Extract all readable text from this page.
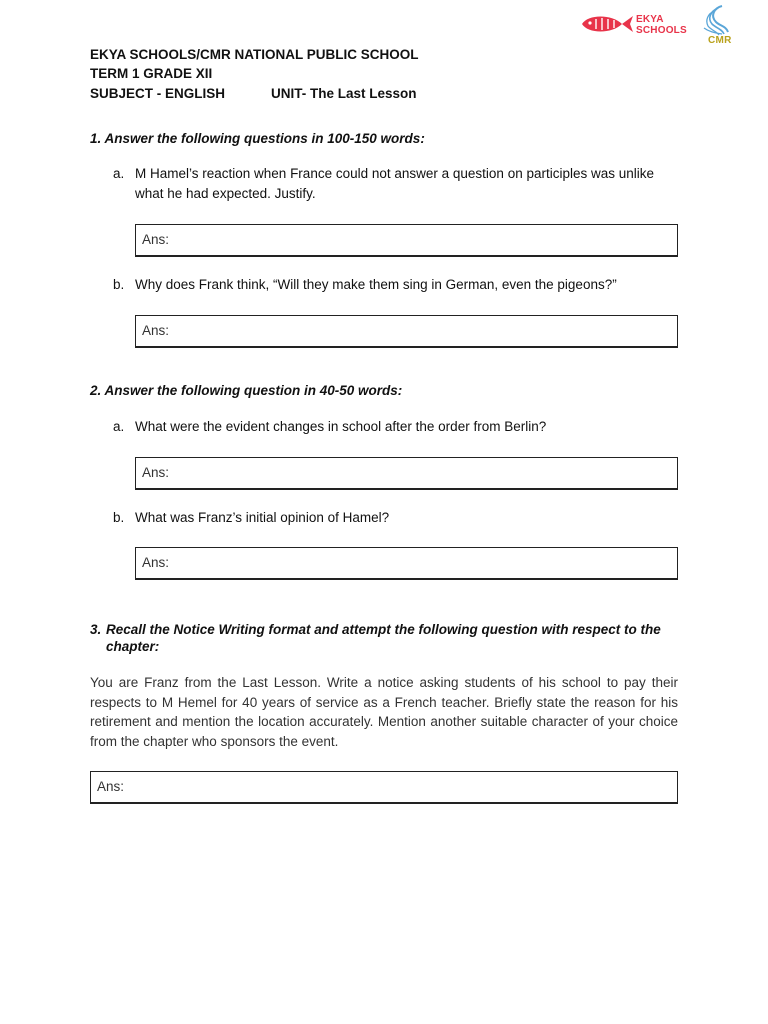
EKYA
SCHOOLS
CMR
EKYA SCHOOLS/CMR NATIONAL PUBLIC SCHOOL
TERM 1 GRADE XII
SUBJECT - ENGLISH	UNIT- The Last Lesson
1. Answer the following questions in 100-150 words:
a. M Hamel’s reaction when France could not answer a question on participles was unlike what he had expected. Justify.
Ans:
b. Why does Frank think, “Will they make them sing in German, even the pigeons?”
Ans:
2. Answer the following question in 40-50 words:
a. What were the evident changes in school after the order from Berlin?
Ans:
b. What was Franz’s initial opinion of Hamel?
Ans:
3. Recall the Notice Writing format and attempt the following question with respect to the chapter:
You are Franz from the Last Lesson. Write a notice asking students of his school to pay their respects to M Hemel for 40 years of service as a French teacher. Briefly state the reason for his retirement and mention the location accurately. Mention another suitable character of your choice from the chapter who sponsors the event.
Ans:
